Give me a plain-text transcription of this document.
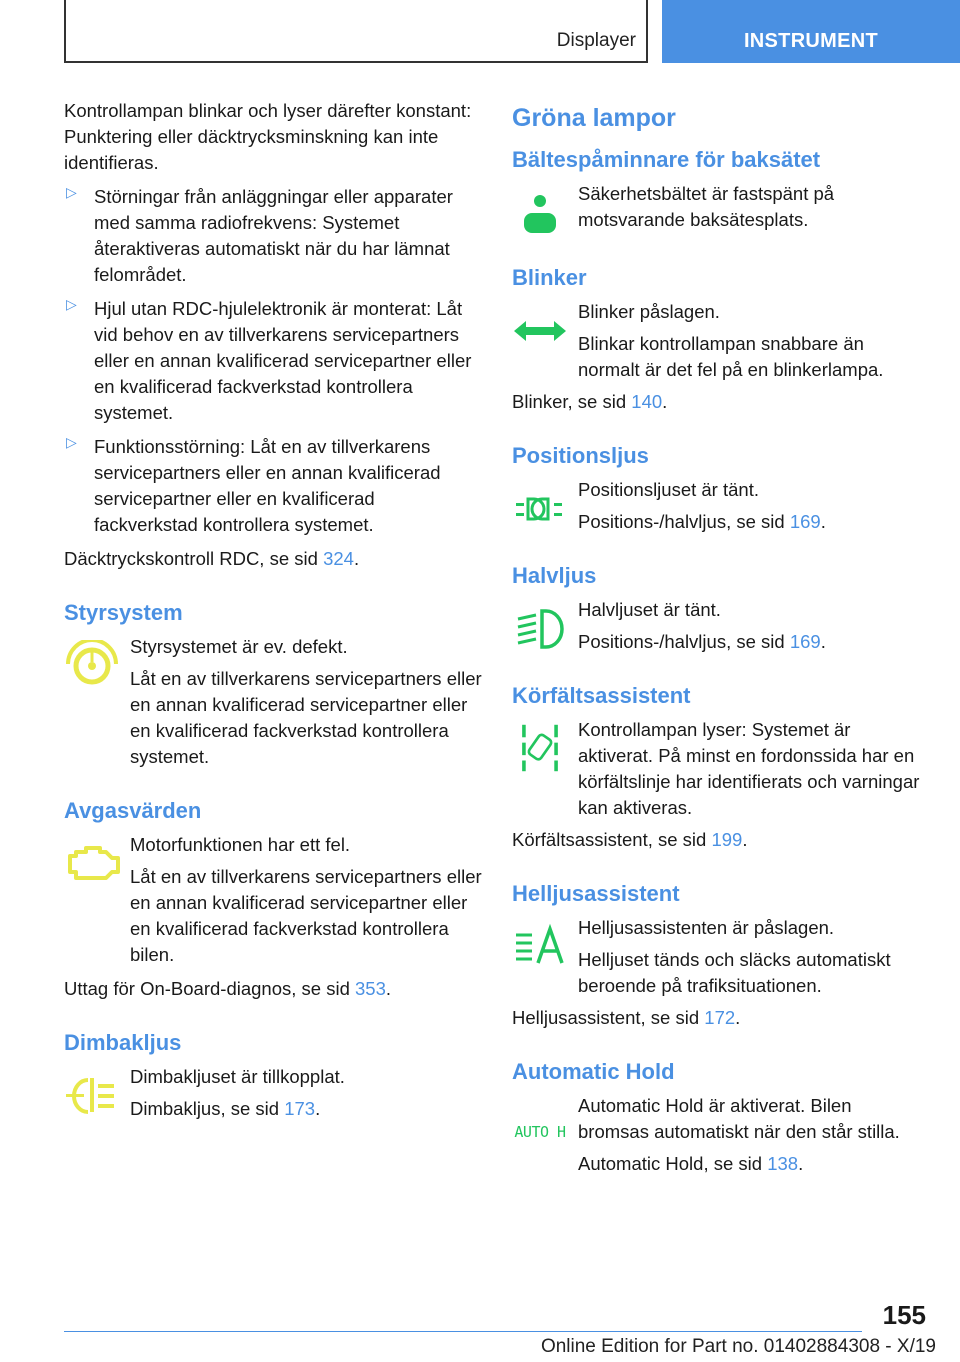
Displayer	INSTRUMENT

Kontrollampan blinkar och lyser därefter konstant: Punktering eller däcktrycksminskning kan inte identifieras.

▷ Störningar från anläggningar eller apparater med samma radiofrekvens: Systemet återaktiveras automatiskt när du har lämnat felområdet.

▷ Hjul utan RDC-hjulelektronik är monterat: Låt vid behov en av tillverkarens servicepartners eller en annan kvalificerad servicepartner eller en kvalificerad fackverkstad kontrollera systemet.

▷ Funktionsstörning: Låt en av tillverkarens servicepartners eller en annan kvalificerad servicepartner eller en kvalificerad fackverkstad kontrollera systemet.

Däcktryckskontroll RDC, se sid 324.

Styrsystem

Styrsystemet är ev. defekt.

Låt en av tillverkarens servicepartners eller en annan kvalificerad servicepartner eller en kvalificerad fackverkstad kontrollera systemet.

Avgasvärden

Motorfunktionen har ett fel.

Låt en av tillverkarens servicepartners eller en annan kvalificerad servicepartner eller en kvalificerad fackverkstad kontrollera bilen.

Uttag för On-Board-diagnos, se sid 353.

Dimbakljus

Dimbakljuset är tillkopplat.

Dimbakljus, se sid 173.

Gröna lampor
Bältespåminnare för baksätet

Säkerhetsbältet är fastspänt på motsvarande baksätesplats.

Blinker

Blinker påslagen.

Blinkar kontrollampan snabbare än normalt är det fel på en blinkerlampa.

Blinker, se sid 140.

Positionsljus

Positionsljuset är tänt.

Positions-/halvljus, se sid 169.

Halvljus

Halvljuset är tänt.

Positions-/halvljus, se sid 169.

Körfältsassistent

Kontrollampan lyser: Systemet är aktiverat. På minst en fordonssida har en körfältslinje har identifierats och varningar kan aktiveras.

Körfältsassistent, se sid 199.

Helljusassistent

Helljusassistenten är påslagen.

Helljuset tänds och släcks automatiskt beroende på trafiksituationen.

Helljusassistent, se sid 172.

Automatic Hold
AUTO H

Automatic Hold är aktiverat. Bilen bromsas automatiskt när den står stilla.

Automatic Hold, se sid 138.

155
Online Edition for Part no. 01402884308 - X/19
